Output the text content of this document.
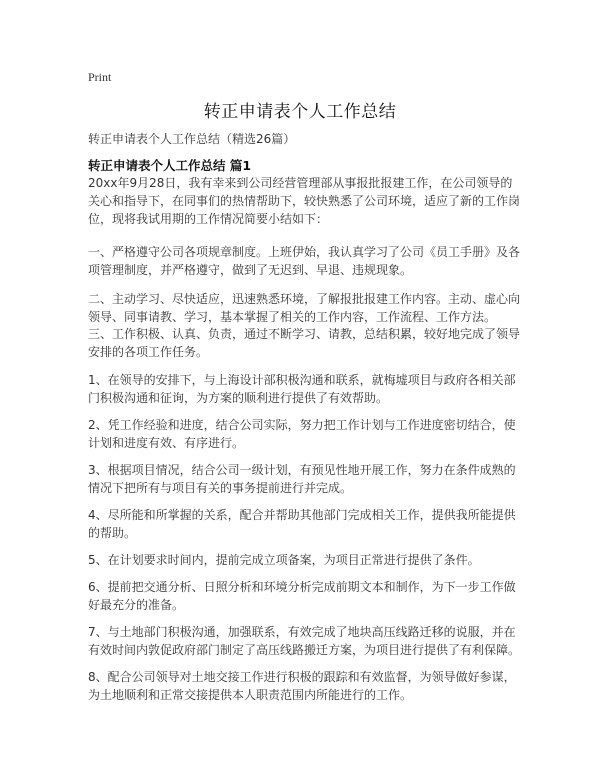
Print
转正申请表个人工作总结
转正申请表个人工作总结（精选26篇）
转正申请表个人工作总结 篇1

20xx年9月28日，我有幸来到公司经营管理部从事报批报建工作，在公司领导的关心和指导下，在同事们的热情帮助下，较快熟悉了公司环境，适应了新的工作岗位，现将我试用期的工作情况简要小结如下：

一、严格遵守公司各项规章制度。上班伊始，我认真学习了公司《员工手册》及各项管理制度，并严格遵守，做到了无迟到、早退、违规现象。

二、主动学习、尽快适应，迅速熟悉环境，了解报批报建工作内容。主动、虚心向领导、同事请教、学习，基本掌握了相关的工作内容，工作流程、工作方法。

三、工作积极、认真、负责，通过不断学习、请教，总结积累，较好地完成了领导安排的各项工作任务。

1、在领导的安排下，与上海设计部积极沟通和联系，就梅墟项目与政府各相关部门积极沟通和征询，为方案的顺利进行提供了有效帮助。

2、凭工作经验和进度，结合公司实际，努力把工作计划与工作进度密切结合，使计划和进度有效、有序进行。

3、根据项目情况，结合公司一级计划，有预见性地开展工作，努力在条件成熟的情况下把所有与项目有关的事务提前进行并完成。

4、尽所能和所掌握的关系，配合并帮助其他部门完成相关工作，提供我所能提供的帮助。

5、在计划要求时间内，提前完成立项备案，为项目正常进行提供了条件。

6、提前把交通分析、日照分析和环境分析完成前期文本和制作，为下一步工作做好最充分的准备。

7、与土地部门积极沟通，加强联系，有效完成了地块高压线路迁移的说服，并在有效时间内敦促政府部门制定了高压线路搬迁方案，为项目进行提供了有利保障。

8、配合公司领导对土地交接工作进行积极的跟踪和有效监督，为领导做好参谋，为土地顺利和正常交接提供本人职责范围内所能进行的工作。
